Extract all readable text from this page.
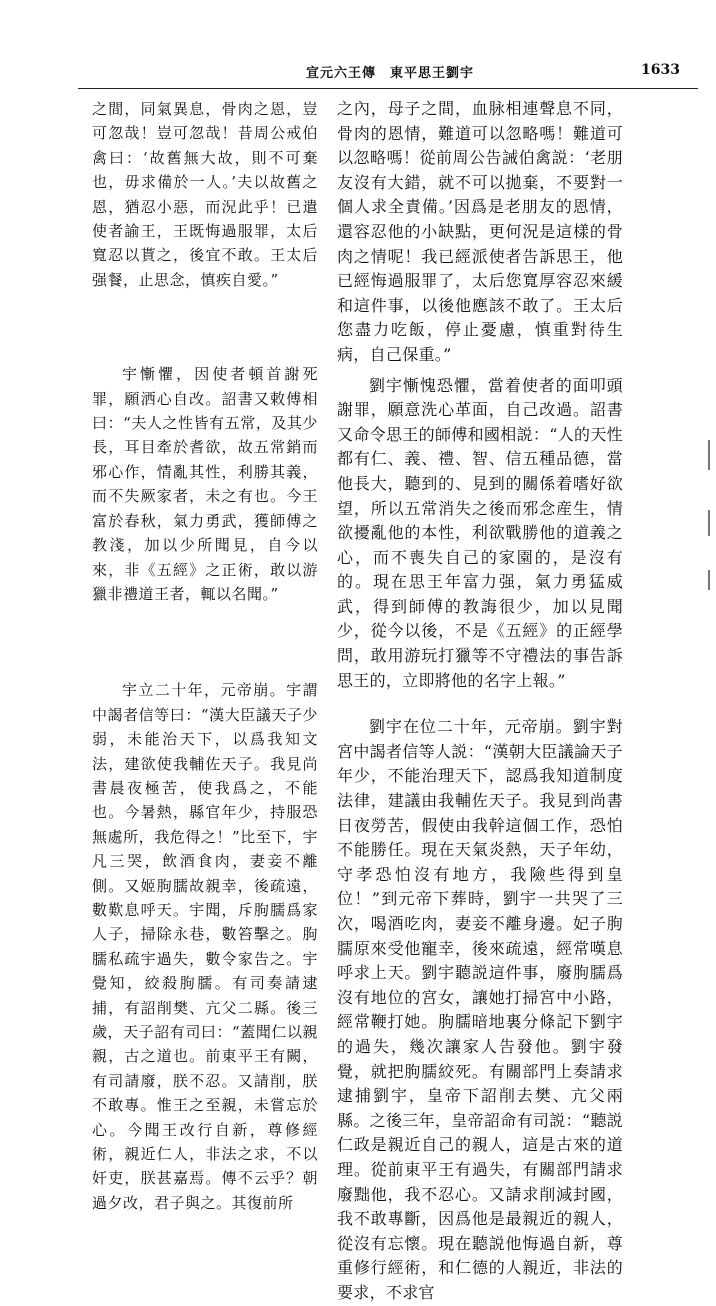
宣元六王傳　東平思王劉宇	1633

之間，同氣異息，骨肉之恩，豈可忽哉！豈可忽哉！昔周公戒伯禽曰：‘故舊無大故，則不可棄也，毋求備於一人。’夫以故舊之恩，猶忍小惡，而況此乎！已遣使者諭王，王既悔過服罪，太后寬忍以貰之，後宜不敢。王太后强餐，止思念，慎疾自愛。”

宇慚懼，因使者頓首謝死罪，願洒心自改。詔書又敕傅相曰：“夫人之性皆有五常，及其少長，耳目牽於耆欲，故五常銷而邪心作，情亂其性，利勝其義，而不失厥家者，未之有也。今王富於春秋，氣力勇武，獲師傅之教淺，加以少所聞見，自今以來，非《五經》之正術，敢以游獵非禮道王者，輒以名聞。”

宇立二十年，元帝崩。宇謂中謁者信等曰：“漢大臣議天子少弱，未能治天下，以爲我知文法，建欲使我輔佐天子。我見尚書晨夜極苦，使我爲之，不能也。今暑熱，縣官年少，持服恐無處所，我危得之！”比至下，宇凡三哭，飲酒食肉，妻妾不離側。又姬朐臑故親幸，後疏遠，數歎息呼天。宇聞，斥朐臑爲家人子，掃除永巷，數笞擊之。朐臑私疏宇過失，數令家告之。宇覺知，絞殺朐臑。有司奏請逮捕，有詔削樊、亢父二縣。後三歲，天子詔有司曰：“蓋聞仁以親親，古之道也。前東平王有闕，有司請廢，朕不忍。又請削，朕不敢專。惟王之至親，未嘗忘於心。今聞王改行自新，尊修經術，親近仁人，非法之求，不以奸吏，朕甚嘉焉。傳不云乎？朝過夕改，君子與之。其復前所

之內，母子之間，血脉相連聲息不同，骨肉的恩情，難道可以忽略嗎！難道可以忽略嗎！從前周公告誡伯禽説：‘老朋友沒有大錯，就不可以拋棄，不要對一個人求全責備。’因爲是老朋友的恩情，還容忍他的小缺點，更何況是這樣的骨肉之情呢！我已經派使者告訴思王，他已經悔過服罪了，太后您寬厚容忍來緩和這件事，以後他應該不敢了。王太后您盡力吃飯，停止憂慮，慎重對待生病，自己保重。”

劉宇慚愧恐懼，當着使者的面叩頭謝罪，願意洗心革面，自己改過。詔書又命令思王的師傅和國相説：“人的天性都有仁、義、禮、智、信五種品德，當他長大，聽到的、見到的關係着嗜好欲望，所以五常消失之後而邪念産生，情欲擾亂他的本性，利欲戰勝他的道義之心，而不喪失自己的家園的，是沒有的。現在思王年富力强，氣力勇猛威武，得到師傅的教誨很少，加以見聞少，從今以後，不是《五經》的正經學問，敢用游玩打獵等不守禮法的事告訴思王的，立即將他的名字上報。”

劉宇在位二十年，元帝崩。劉宇對宮中謁者信等人説：“漢朝大臣議論天子年少，不能治理天下，認爲我知道制度法律，建議由我輔佐天子。我見到尚書日夜勞苦，假使由我幹這個工作，恐怕不能勝任。現在天氣炎熱，天子年幼，守孝恐怕沒有地方，我險些得到皇位！”到元帝下葬時，劉宇一共哭了三次，喝酒吃肉，妻妾不離身邊。妃子朐臑原來受他寵幸，後來疏遠，經常嘆息呼求上天。劉宇聽説這件事，廢朐臑爲沒有地位的宮女，讓她打掃宮中小路，經常鞭打她。朐臑暗地裏分條記下劉宇的過失，幾次讓家人告發他。劉宇發覺，就把朐臑絞死。有關部門上奏請求逮捕劉宇，皇帝下詔削去樊、亢父兩縣。之後三年，皇帝詔命有司説：“聽説仁政是親近自己的親人，這是古來的道理。從前東平王有過失，有關部門請求廢黜他，我不忍心。又請求削減封國，我不敢專斷，因爲他是最親近的親人，從沒有忘懷。現在聽説他悔過自新，尊重修行經術，和仁德的人親近，非法的要求，不求官
